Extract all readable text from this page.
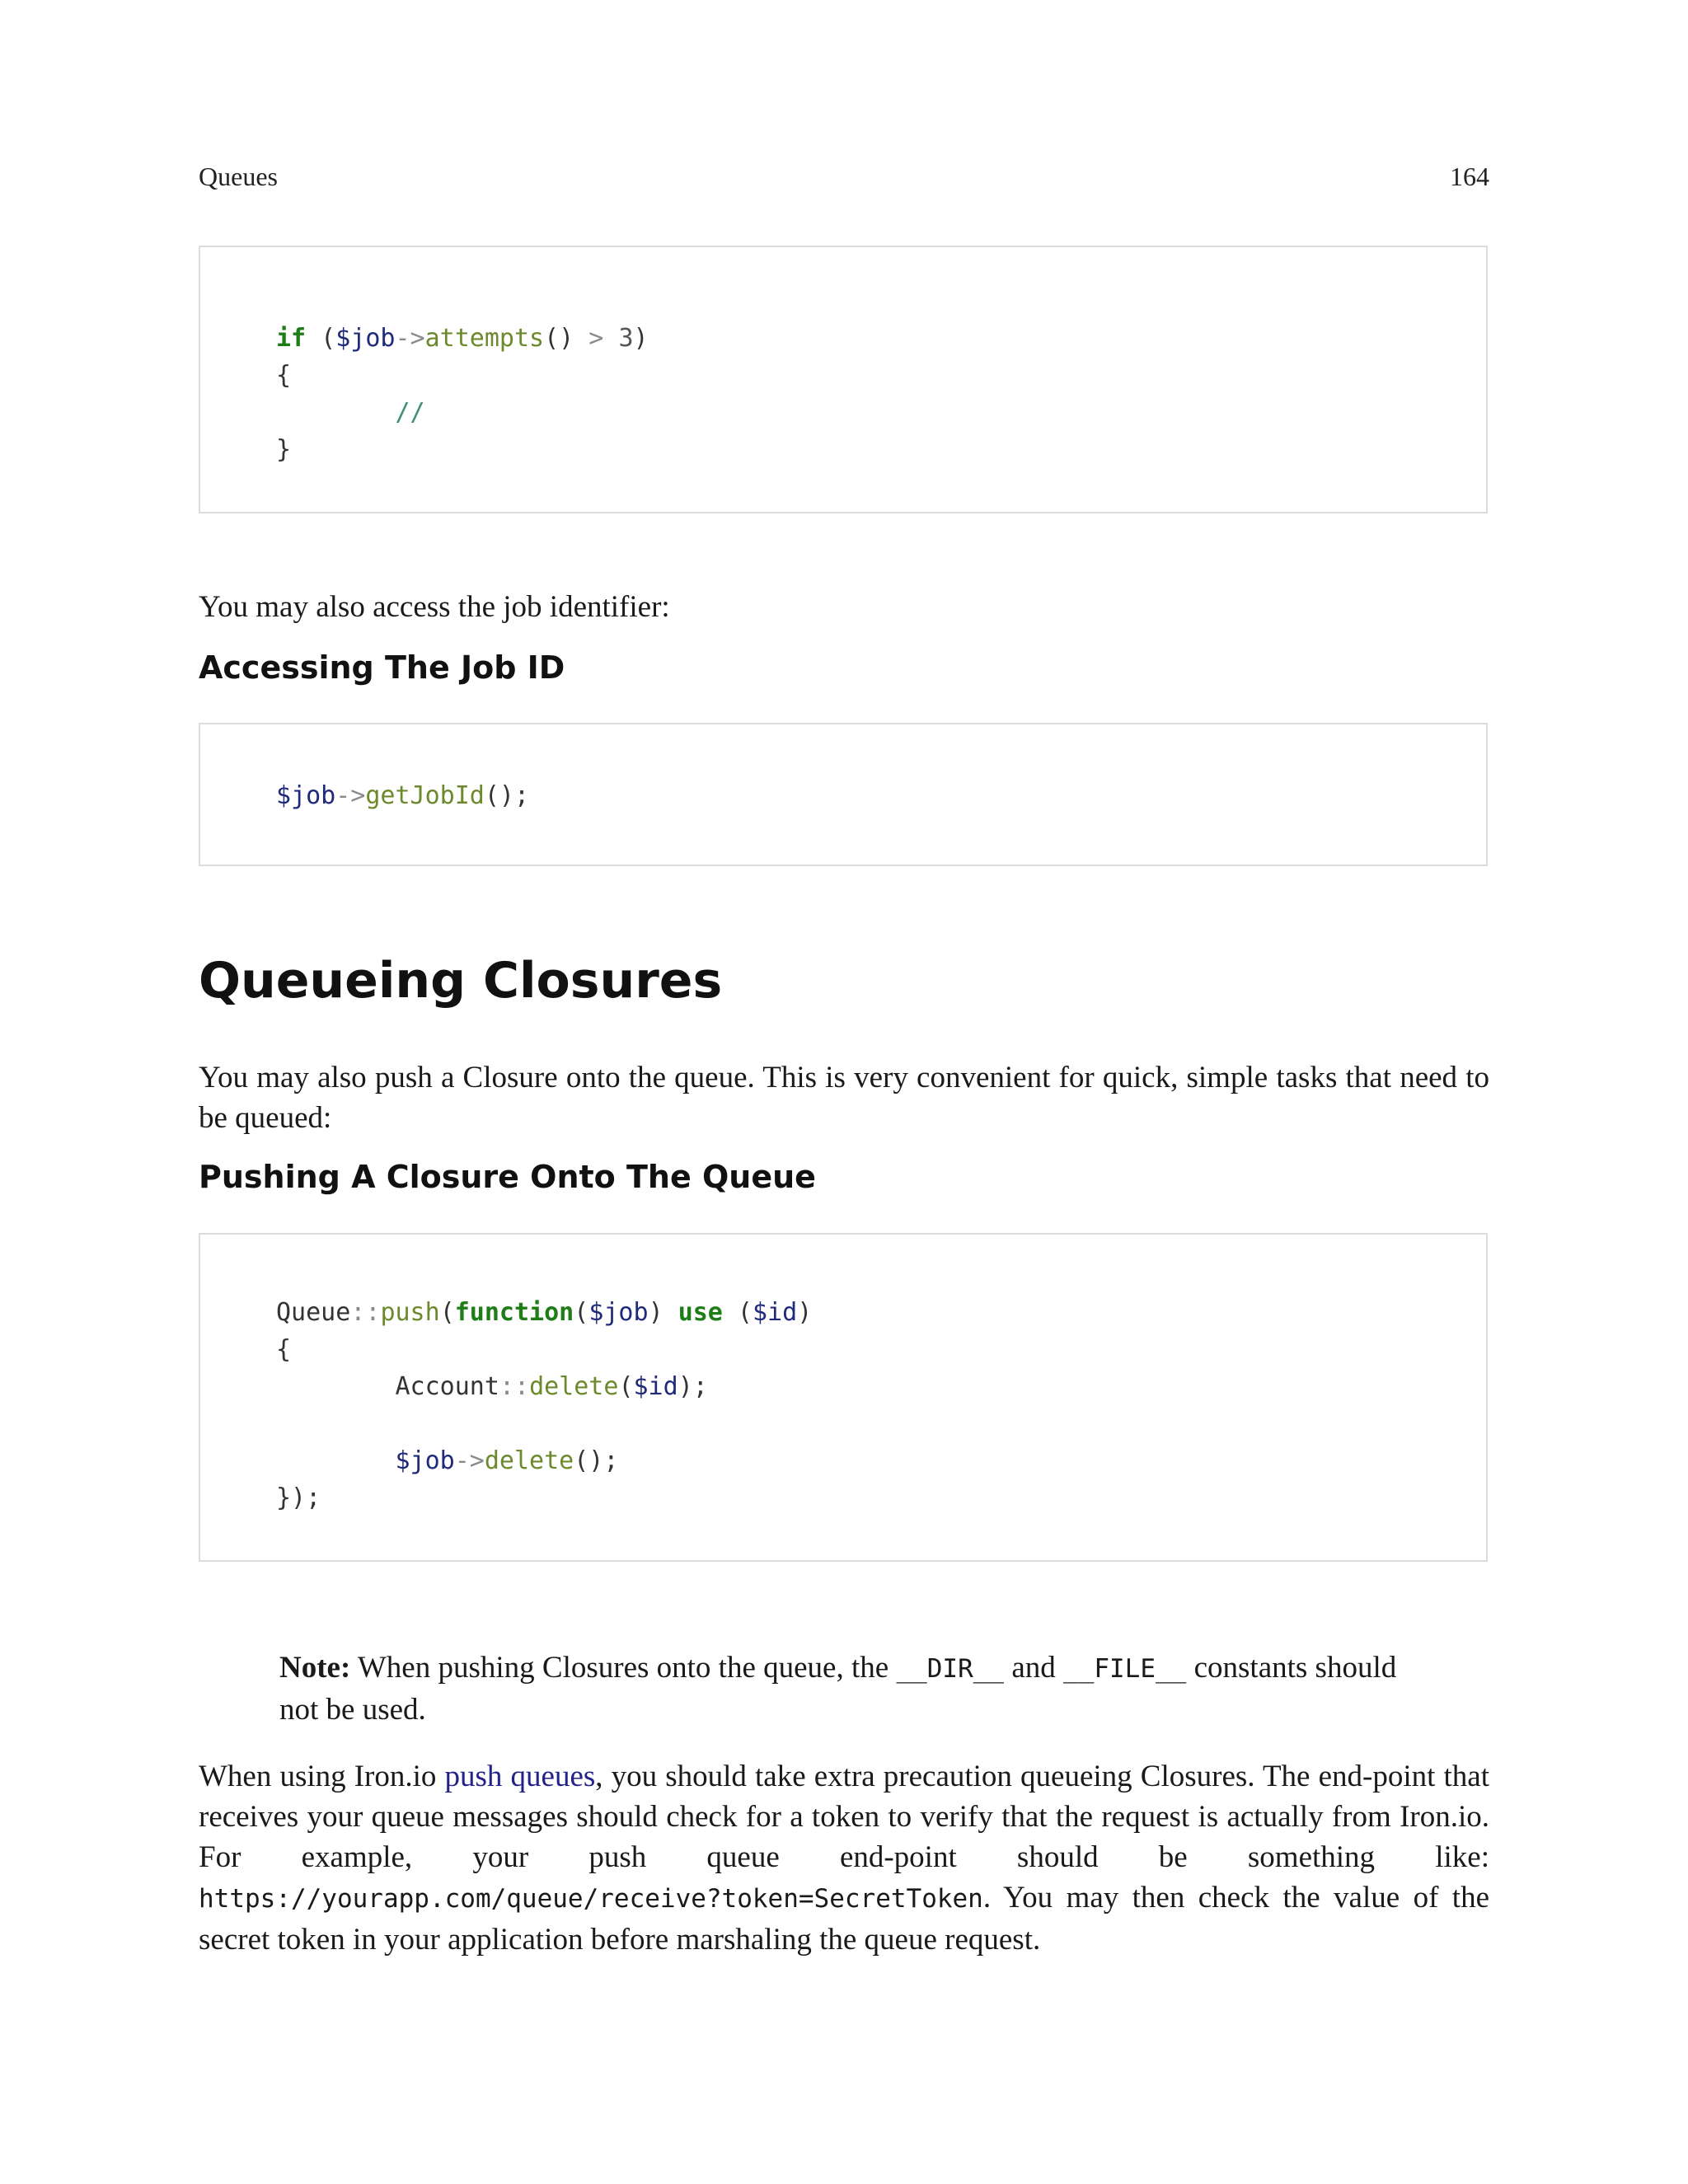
Queues	164
if ($job->attempts() > 3)
{
//
}
You may also access the job identifier:
Accessing The Job ID
$job->getJobId();
Queueing Closures
You may also push a Closure onto the queue. This is very convenient for quick, simple tasks that need to be queued:
Pushing A Closure Onto The Queue
Queue::push(function($job) use ($id)
{
Account::delete($id);

$job->delete();
});
Note: When pushing Closures onto the queue, the __DIR__ and __FILE__ constants should not be used.
When using Iron.io push queues, you should take extra precaution queueing Closures. The end-point that receives your queue messages should check for a token to verify that the request is actually from Iron.io. For example, your push queue end-point should be something like: https://yourapp.com/queue/receive?token=SecretToken. You may then check the value of the secret token in your application before marshaling the queue request.
